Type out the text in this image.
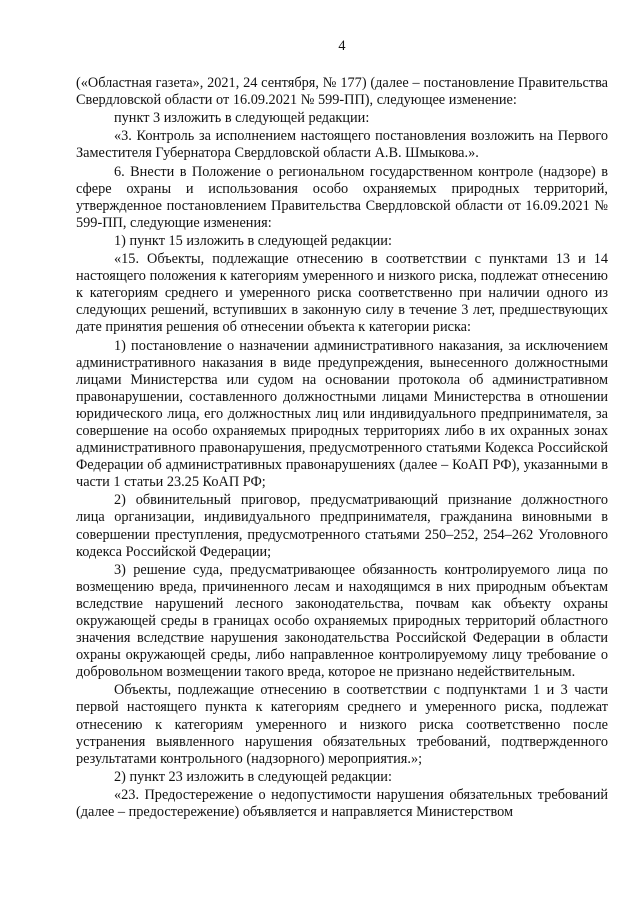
4

(«Областная газета», 2021, 24 сентября, № 177) (далее – постановление Правительства Свердловской области от 16.09.2021 № 599-ПП), следующее изменение:

пункт 3 изложить в следующей редакции:

«3. Контроль за исполнением настоящего постановления возложить на Первого Заместителя Губернатора Свердловской области А.В. Шмыкова.».

6. Внести в Положение о региональном государственном контроле (надзоре) в сфере охраны и использования особо охраняемых природных территорий, утвержденное постановлением Правительства Свердловской области от 16.09.2021 № 599-ПП, следующие изменения:

1) пункт 15 изложить в следующей редакции:

«15. Объекты, подлежащие отнесению в соответствии с пунктами 13 и 14 настоящего положения к категориям умеренного и низкого риска, подлежат отнесению к категориям среднего и умеренного риска соответственно при наличии одного из следующих решений, вступивших в законную силу в течение 3 лет, предшествующих дате принятия решения об отнесении объекта к категории риска:

1) постановление о назначении административного наказания, за исключением административного наказания в виде предупреждения, вынесенного должностными лицами Министерства или судом на основании протокола об административном правонарушении, составленного должностными лицами Министерства в отношении юридического лица, его должностных лиц или индивидуального предпринимателя, за совершение на особо охраняемых природных территориях либо в их охранных зонах административного правонарушения, предусмотренного статьями Кодекса Российской Федерации об административных правонарушениях (далее – КоАП РФ), указанными в части 1 статьи 23.25 КоАП РФ;

2) обвинительный приговор, предусматривающий признание должностного лица организации, индивидуального предпринимателя, гражданина виновными в совершении преступления, предусмотренного статьями 250–252, 254–262 Уголовного кодекса Российской Федерации;

3) решение суда, предусматривающее обязанность контролируемого лица по возмещению вреда, причиненного лесам и находящимся в них природным объектам вследствие нарушений лесного законодательства, почвам как объекту охраны окружающей среды в границах особо охраняемых природных территорий областного значения вследствие нарушения законодательства Российской Федерации в области охраны окружающей среды, либо направленное контролируемому лицу требование о добровольном возмещении такого вреда, которое не признано недействительным.

Объекты, подлежащие отнесению в соответствии с подпунктами 1 и 3 части первой настоящего пункта к категориям среднего и умеренного риска, подлежат отнесению к категориям умеренного и низкого риска соответственно после устранения выявленного нарушения обязательных требований, подтвержденного результатами контрольного (надзорного) мероприятия.»;

2) пункт 23 изложить в следующей редакции:

«23. Предостережение о недопустимости нарушения обязательных требований (далее – предостережение) объявляется и направляется Министерством
